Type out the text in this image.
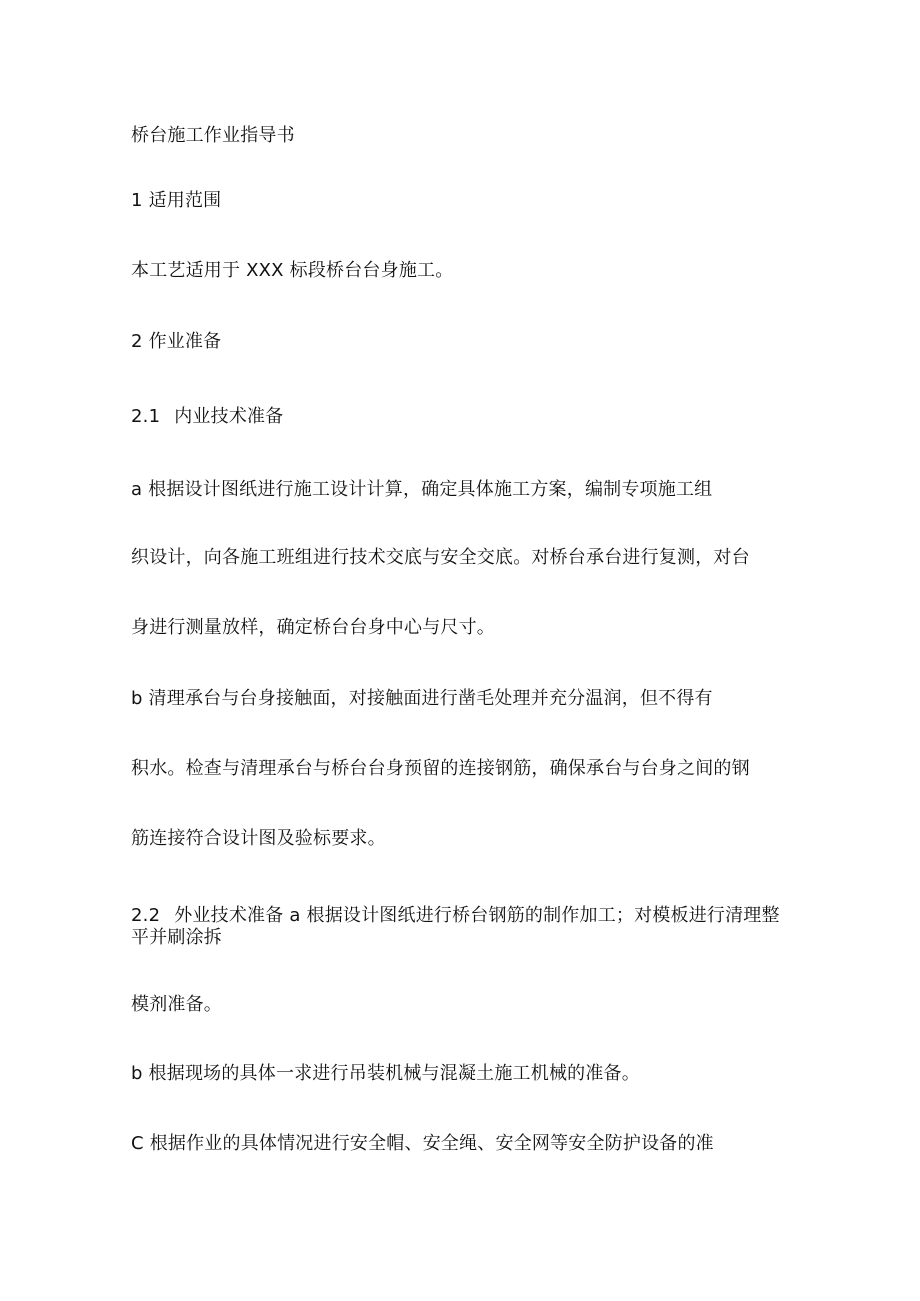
桥台施工作业指导书
1 适用范围
本工艺适用于 XXX 标段桥台台身施工。
2 作业准备
2.1 内业技术准备
a 根据设计图纸进行施工设计计算，确定具体施工方案，编制专项施工组
织设计，向各施工班组进行技术交底与安全交底。对桥台承台进行复测，对台
身进行测量放样，确定桥台台身中心与尺寸。
b 清理承台与台身接触面，对接触面进行凿毛处理并充分温润，但不得有
积水。检查与清理承台与桥台台身预留的连接钢筋，确保承台与台身之间的钢
筋连接符合设计图及验标要求。
2.2 外业技术准备 a 根据设计图纸进行桥台钢筋的制作加工；对模板进行清理整平并刷涂拆
模剂准备。
b 根据现场的具体一求进行吊装机械与混凝土施工机械的准备。
C 根据作业的具体情况进行安全帽、安全绳、安全网等安全防护设备的准
